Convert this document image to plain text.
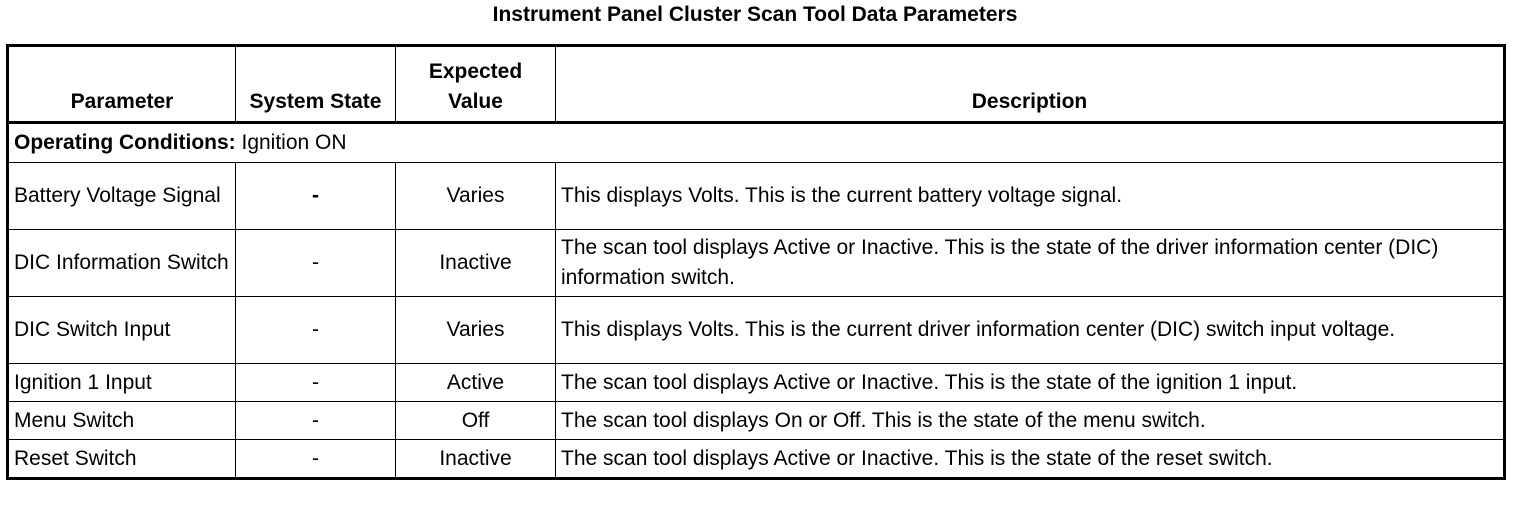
Instrument Panel Cluster Scan Tool Data Parameters
Parameter	System State	Expected Value	Description
Operating Conditions: Ignition ON			
Battery Voltage Signal	-	Varies	This displays Volts. This is the current battery voltage signal.
DIC Information Switch	-	Inactive	The scan tool displays Active or Inactive. This is the state of the driver information center (DIC) information switch.
DIC Switch Input	-	Varies	This displays Volts. This is the current driver information center (DIC) switch input voltage.
Ignition 1 Input	-	Active	The scan tool displays Active or Inactive. This is the state of the ignition 1 input.
Menu Switch	-	Off	The scan tool displays On or Off. This is the state of the menu switch.
Reset Switch	-	Inactive	The scan tool displays Active or Inactive. This is the state of the reset switch.
